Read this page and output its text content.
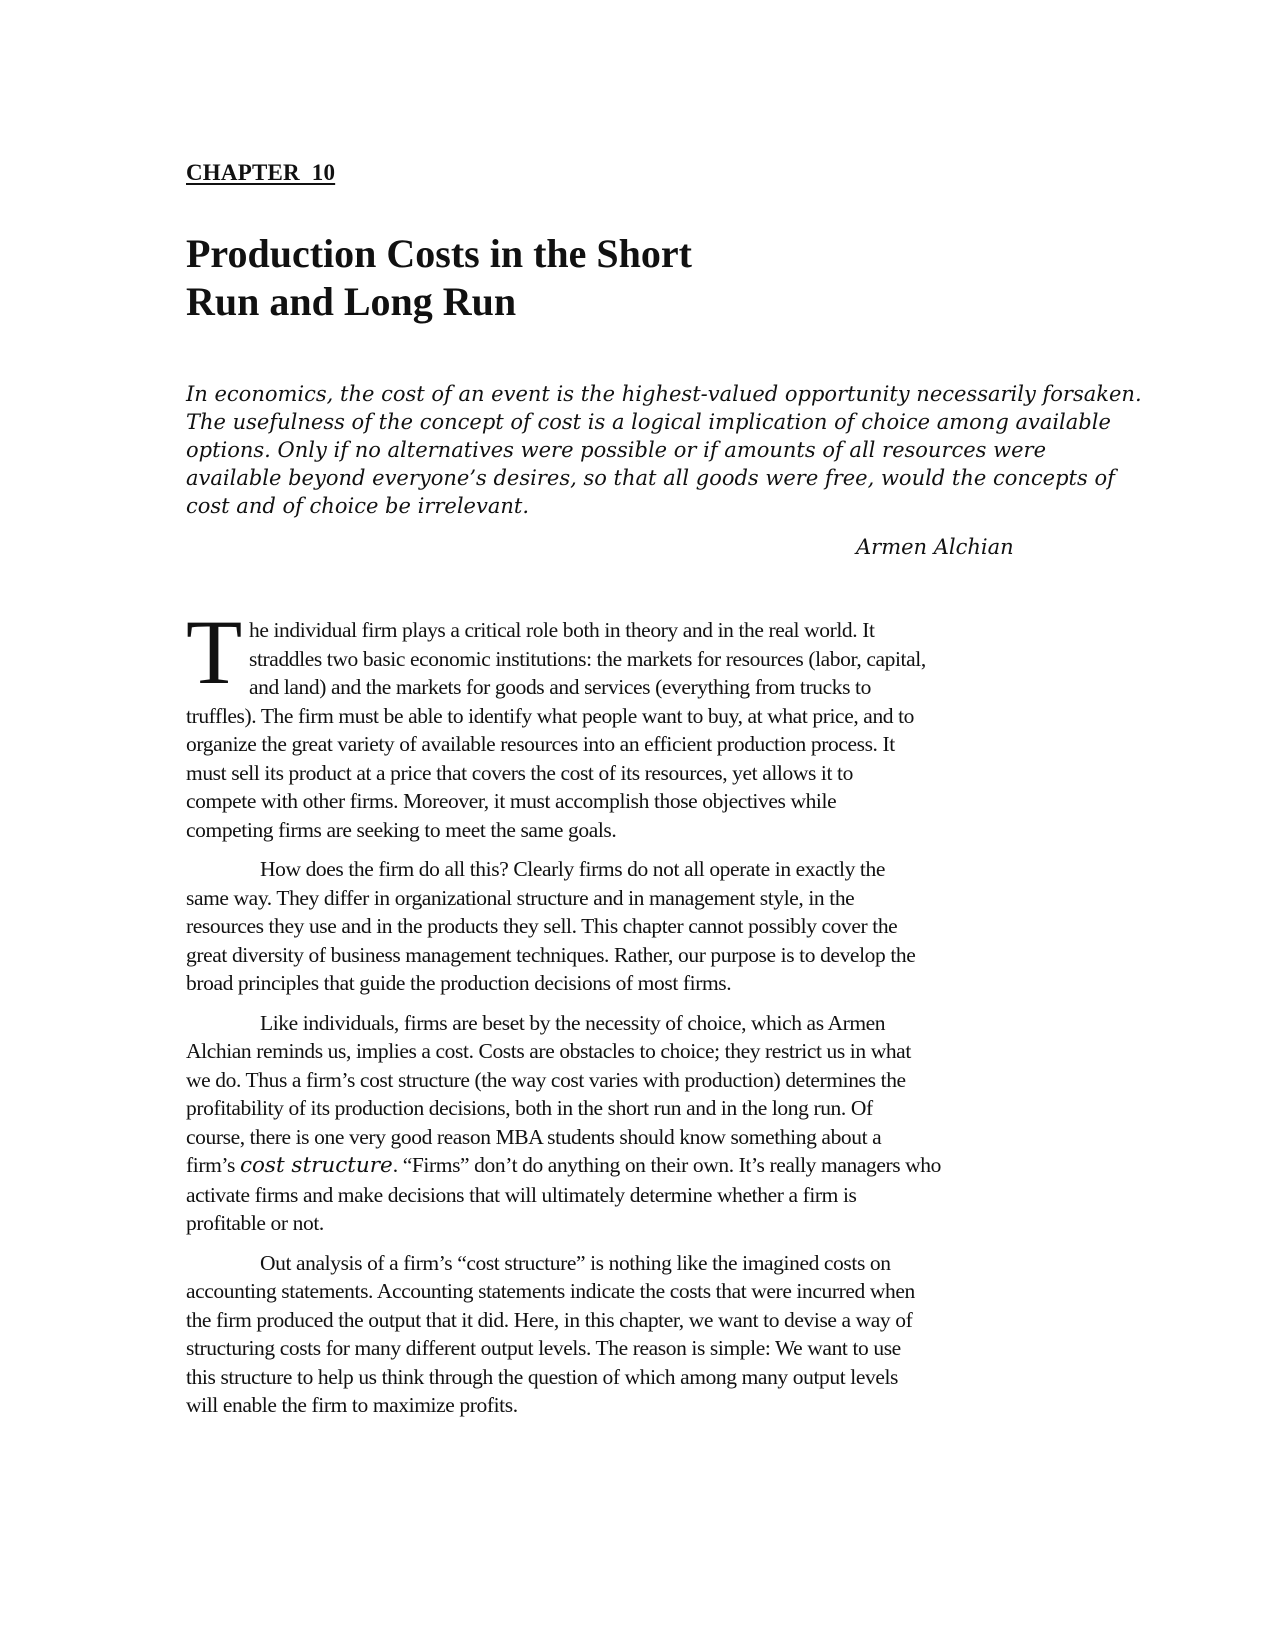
CHAPTER  10
Production Costs in the Short
Run and Long Run
In economics, the cost of an event is the highest-valued opportunity necessarily forsaken.
The usefulness of the concept of cost is a logical implication of choice among available
options. Only if no alternatives were possible or if amounts of all resources were
available beyond everyone’s desires, so that all goods were free, would the concepts of
cost and of choice be irrelevant.
Armen Alchian

T he individual firm plays a critical role both in theory and in the real world. It
straddles two basic economic institutions: the markets for resources (labor, capital,
and land) and the markets for goods and services (everything from trucks to
truffles). The firm must be able to identify what people want to buy, at what price, and to
organize the great variety of available resources into an efficient production process. It
must sell its product at a price that covers the cost of its resources, yet allows it to
compete with other firms. Moreover, it must accomplish those objectives while
competing firms are seeking to meet the same goals.

How does the firm do all this? Clearly firms do not all operate in exactly the
same way. They differ in organizational structure and in management style, in the
resources they use and in the products they sell. This chapter cannot possibly cover the
great diversity of business management techniques. Rather, our purpose is to develop the
broad principles that guide the production decisions of most firms.

Like individuals, firms are beset by the necessity of choice, which as Armen
Alchian reminds us, implies a cost. Costs are obstacles to choice; they restrict us in what
we do. Thus a firm’s cost structure (the way cost varies with production) determines the
profitability of its production decisions, both in the short run and in the long run. Of
course, there is one very good reason MBA students should know something about a
firm’s cost structure. “Firms” don’t do anything on their own. It’s really managers who
activate firms and make decisions that will ultimately determine whether a firm is
profitable or not.

Out analysis of a firm’s “cost structure” is nothing like the imagined costs on
accounting statements. Accounting statements indicate the costs that were incurred when
the firm produced the output that it did. Here, in this chapter, we want to devise a way of
structuring costs for many different output levels. The reason is simple: We want to use
this structure to help us think through the question of which among many output levels
will enable the firm to maximize profits.
